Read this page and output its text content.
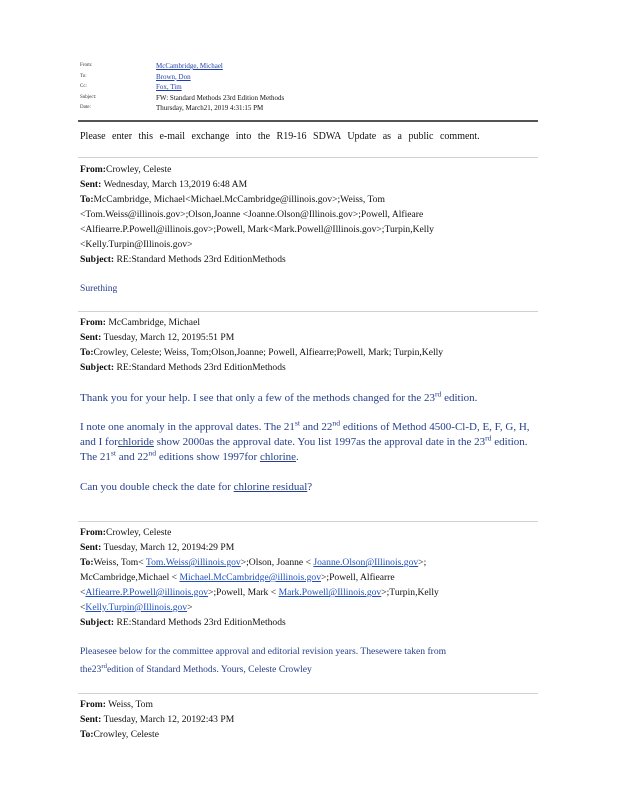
From:	McCambridge, Michael
To:	Brown, Don
Cc:	Fox, Tim
Subject:	FW: Standard Methods 23rd Edition Methods
Date:	Thursday, March21, 2019 4:31:15 PM
Please enter this e-mail exchange into the R19-16 SDWA Update as a public comment.

From:Crowley, Celeste

Sent: Wednesday, March 13,2019 6:48 AM

To:McCambridge, Michael<Michael.McCambridge@illinois.gov>;Weiss, Tom

<Tom.Weiss@illinois.gov>;Olson,Joanne <Joanne.Olson@Illinois.gov>;Powell, Alfieare

<Alfiearre.P.Powell@illinois.gov>;Powell, Mark<Mark.Powell@Illinois.gov>;Turpin,Kelly

<Kelly.Turpin@Illinois.gov>

Subject: RE:Standard Methods 23rd EditionMethods

Surething

From: McCambridge, Michael

Sent: Tuesday, March 12, 20195:51 PM

To:Crowley, Celeste; Weiss, Tom;Olson,Joanne; Powell, Alfiearre;Powell, Mark; Turpin,Kelly

Subject: RE:Standard Methods 23rd EditionMethods

Thank you for your help. I see that only a few of the methods changed for the 23rd edition.
I note one anomaly in the approval dates. The 21st and 22nd editions of Method 4500-Cl-D, E, F, G, H, and I forchloride show 2000as the approval date. You list 1997as the approval date in the 23rd edition. The 21st and 22nd editions show 1997for chlorine.
Can you double check the date for chlorine residual?

From:Crowley, Celeste

Sent: Tuesday, March 12, 20194:29 PM

To:Weiss, Tom< Tom.Weiss@illinois.gov>;Olson, Joanne < Joanne.Olson@Illinois.gov>;

McCambridge,Michael < Michael.McCambridge@illinois.gov>;Powell, Alfiearre

<Alfiearre.P.Powell@illinois.gov>;Powell, Mark < Mark.Powell@Illinois.gov>;Turpin,Kelly

<Kelly.Turpin@Illinois.gov>

Subject: RE:Standard Methods 23rd EditionMethods

Pleasesee below for the committee approval and editorial revision years. Thesewere taken from

the23rdedition of Standard Methods. Yours, Celeste Crowley

From: Weiss, Tom

Sent: Tuesday, March 12, 20192:43 PM

To:Crowley, Celeste
